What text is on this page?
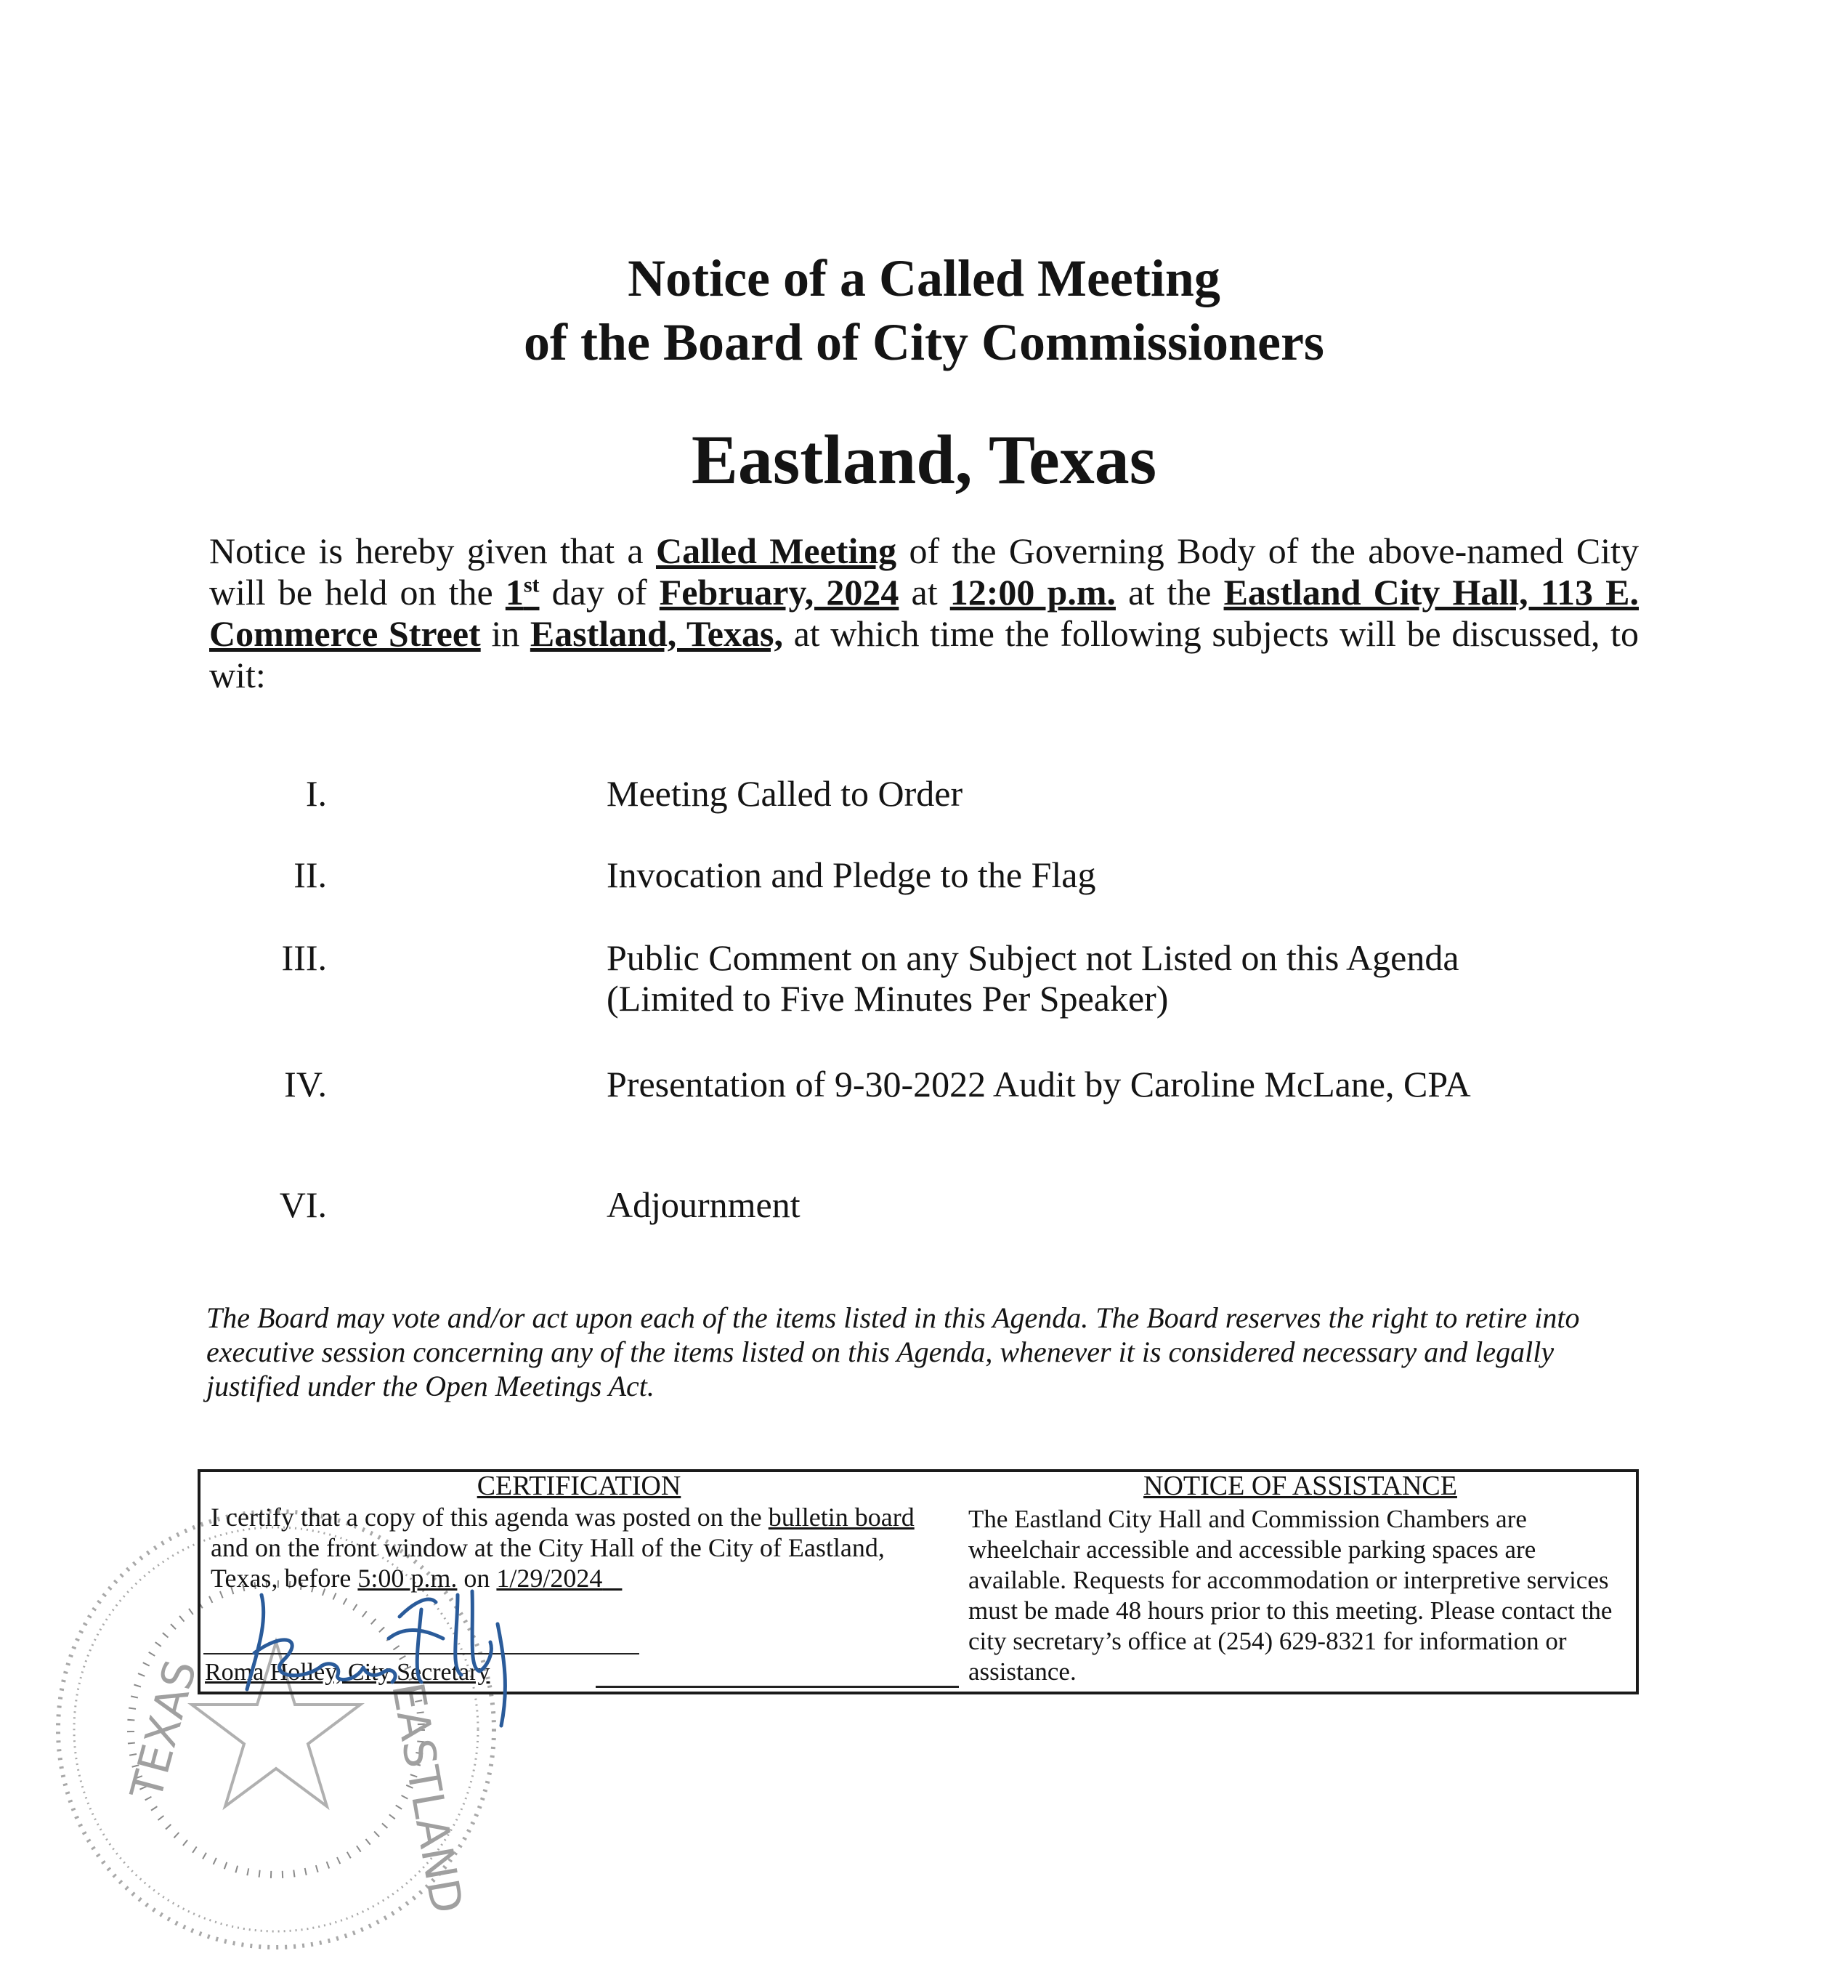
Notice of a Called Meeting
of the Board of City Commissioners
Eastland, Texas

Notice is hereby given that a Called Meeting of the Governing Body of the above-named City will be held on the 1st day of February, 2024 at 12:00 p.m. at the Eastland City Hall, 113 E. Commerce Street in Eastland, Texas, at which time the following subjects will be discussed, to wit:

I.	Meeting Called to Order
II.	Invocation and Pledge to the Flag
III.	Public Comment on any Subject not Listed on this Agenda
(Limited to Five Minutes Per Speaker)
IV.	Presentation of 9-30-2022 Audit by Caroline McLane, CPA
VI.	Adjournment

The Board may vote and/or act upon each of the items listed in this Agenda. The Board reserves the right to retire into executive session concerning any of the items listed on this Agenda, whenever it is considered necessary and legally justified under the Open Meetings Act.

TEXAS	EASTLAND
CERTIFICATION	NOTICE OF ASSISTANCE
I certify that a copy of this agenda was posted on the bulletin board and on the front window at the City Hall of the City of Eastland, Texas, before 5:00 p.m. on 1/29/2024
Roma Holley, City Secretary
The Eastland City Hall and Commission Chambers are wheelchair accessible and accessible parking spaces are available. Requests for accommodation or interpretive services must be made 48 hours prior to this meeting. Please contact the city secretary’s office at (254) 629-8321 for information or assistance.
